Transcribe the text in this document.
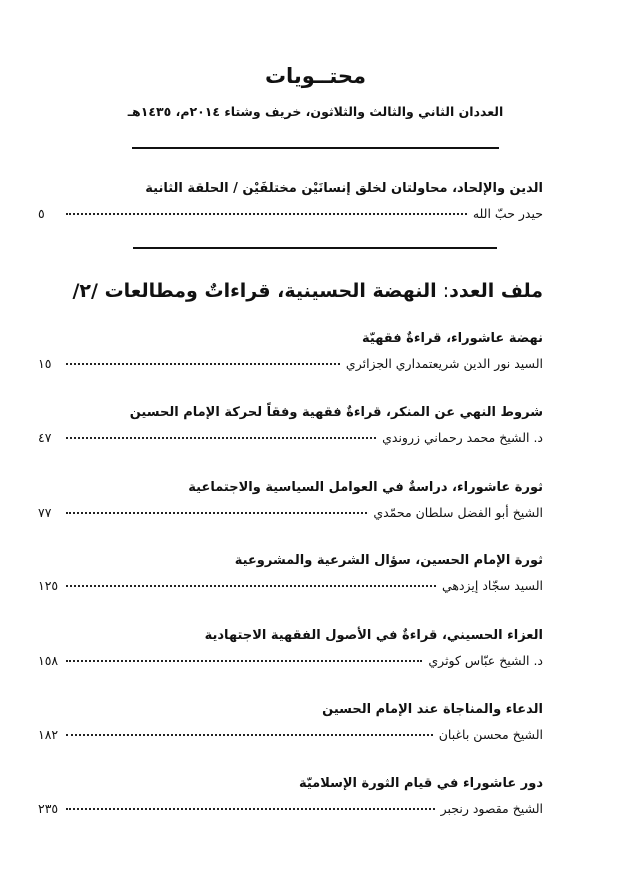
محتــويات
العددان الثاني والثالث والثلاثون، خريف وشتاء ٢٠١٤م، ١٤٣٥هـ
الدين والإلحاد، محاولتان لخلق إنسانَيْن مختلفَيْن / الحلقة الثانية
حيدر حبّ الله
٥
ملف العدد: النهضة الحسينية، قراءاتٌ ومطالعات /٢/
نهضة عاشوراء، قراءةٌ فقهيّة
السيد نور الدين شريعتمداري الجزائري
١٥
شروط النهي عن المنكر، قراءةٌ فقهية وفقاً لحركة الإمام الحسين
د. الشيخ محمد رحماني زروندي
٤٧
ثورة عاشوراء، دراسةٌ في العوامل السياسية والاجتماعية
الشيخ أبو الفضل سلطان محمّدي
٧٧
ثورة الإمام الحسين، سؤال الشرعية والمشروعية
السيد سجّاد إيزدهي
١٢٥
العزاء الحسيني، قراءةٌ في الأصول الفقهية الاجتهادية
د. الشيخ عبّاس كوثري
١٥٨
الدعاء والمناجاة عند الإمام الحسين
الشيخ محسن باغبان
١٨٢
دور عاشوراء في قيام الثورة الإسلاميّة
الشيخ مقصود رنجبر
٢٣٥
